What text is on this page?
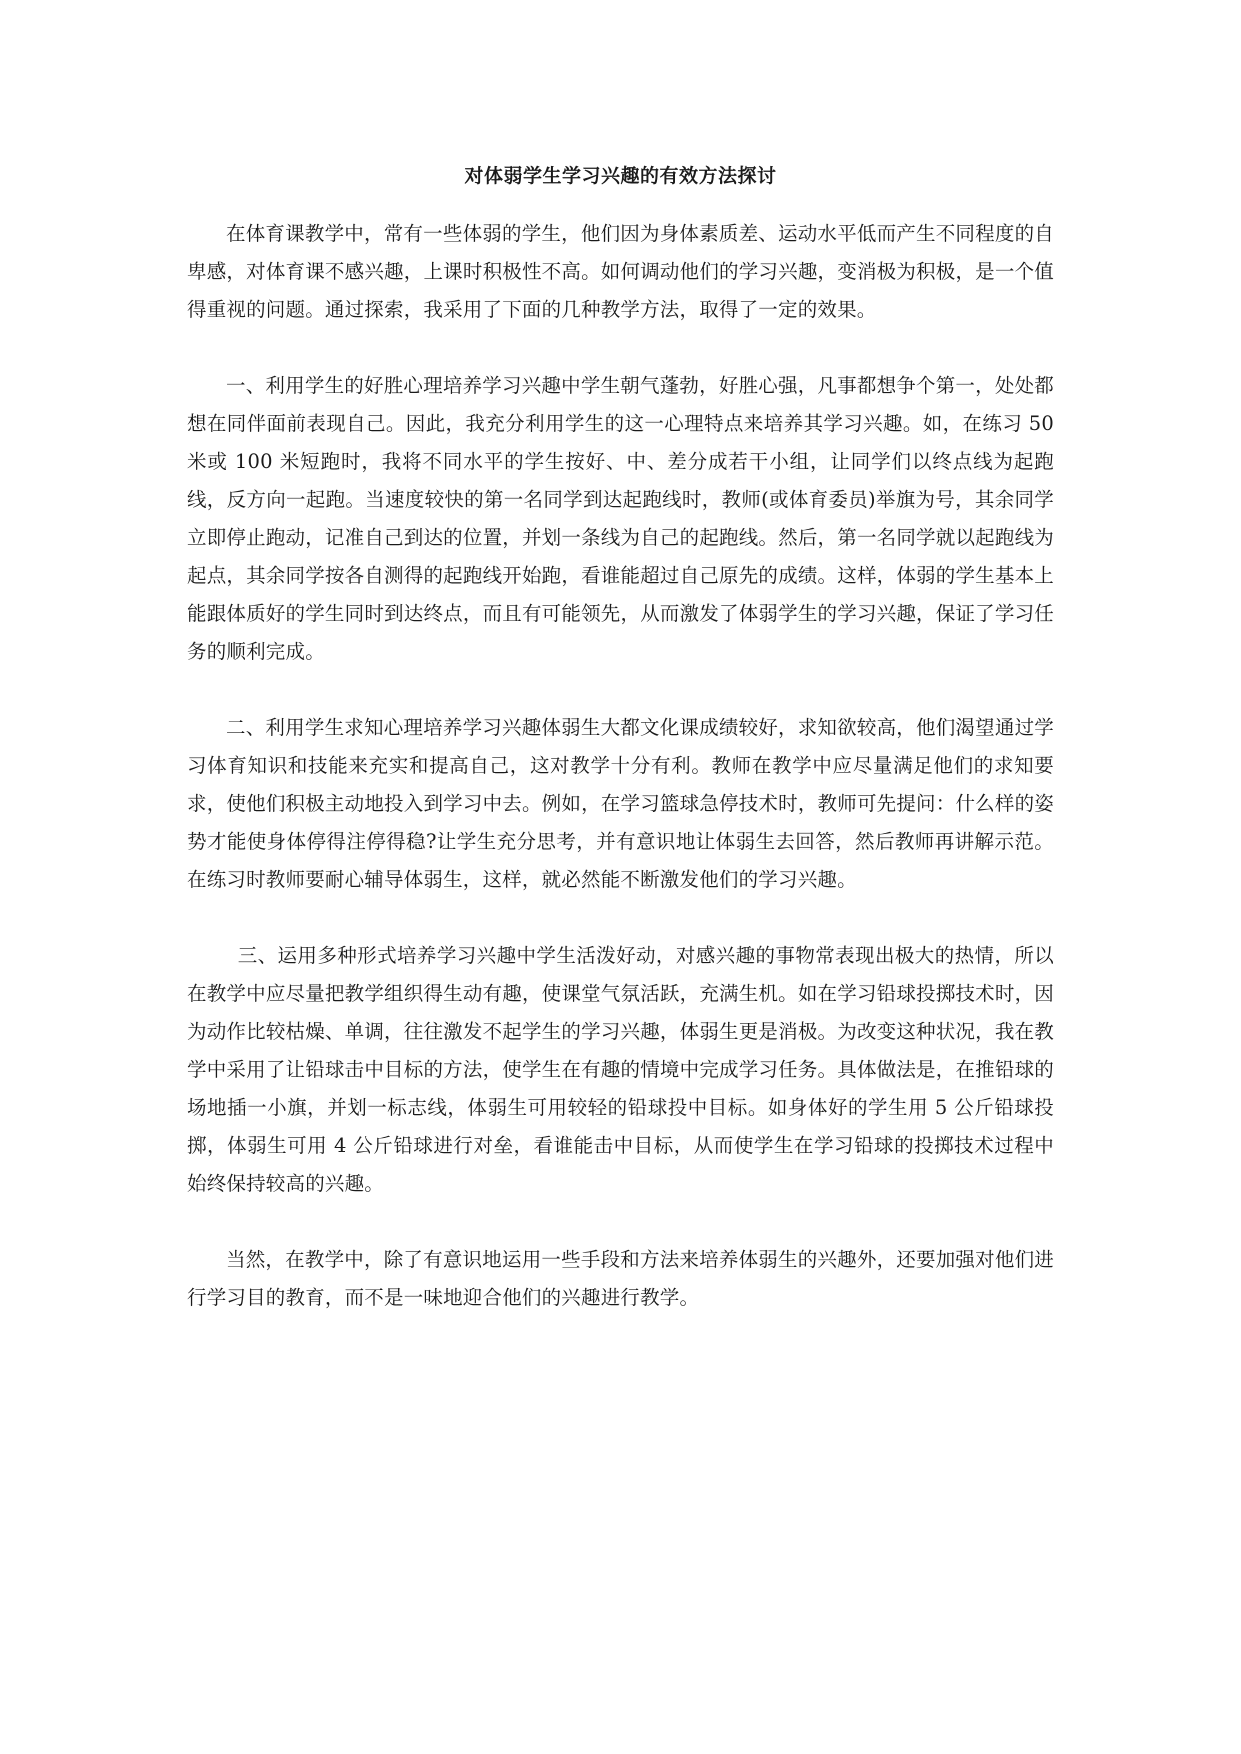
对体弱学生学习兴趣的有效方法探讨

在体育课教学中，常有一些体弱的学生，他们因为身体素质差、运动水平低而产生不同程度的自卑感，对体育课不感兴趣，上课时积极性不高。如何调动他们的学习兴趣，变消极为积极，是一个值得重视的问题。通过探索，我采用了下面的几种教学方法，取得了一定的效果。

一、利用学生的好胜心理培养学习兴趣中学生朝气蓬勃，好胜心强，凡事都想争个第一，处处都想在同伴面前表现自己。因此，我充分利用学生的这一心理特点来培养其学习兴趣。如，在练习 50 米或 100 米短跑时，我将不同水平的学生按好、中、差分成若干小组，让同学们以终点线为起跑线，反方向一起跑。当速度较快的第一名同学到达起跑线时，教师(或体育委员)举旗为号，其余同学立即停止跑动，记准自己到达的位置，并划一条线为自己的起跑线。然后，第一名同学就以起跑线为起点，其余同学按各自测得的起跑线开始跑，看谁能超过自己原先的成绩。这样，体弱的学生基本上能跟体质好的学生同时到达终点，而且有可能领先，从而激发了体弱学生的学习兴趣，保证了学习任务的顺利完成。

二、利用学生求知心理培养学习兴趣体弱生大都文化课成绩较好，求知欲较高，他们渴望通过学习体育知识和技能来充实和提高自己，这对教学十分有利。教师在教学中应尽量满足他们的求知要求，使他们积极主动地投入到学习中去。例如，在学习篮球急停技术时，教师可先提问：什么样的姿势才能使身体停得注停得稳?让学生充分思考，并有意识地让体弱生去回答，然后教师再讲解示范。在练习时教师要耐心辅导体弱生，这样，就必然能不断激发他们的学习兴趣。

三、运用多种形式培养学习兴趣中学生活泼好动，对感兴趣的事物常表现出极大的热情，所以在教学中应尽量把教学组织得生动有趣，使课堂气氛活跃，充满生机。如在学习铅球投掷技术时，因为动作比较枯燥、单调，往往激发不起学生的学习兴趣，体弱生更是消极。为改变这种状况，我在教学中采用了让铅球击中目标的方法，使学生在有趣的情境中完成学习任务。具体做法是，在推铅球的场地插一小旗，并划一标志线，体弱生可用较轻的铅球投中目标。如身体好的学生用 5 公斤铅球投掷，体弱生可用 4 公斤铅球进行对垒，看谁能击中目标，从而使学生在学习铅球的投掷技术过程中始终保持较高的兴趣。

当然，在教学中，除了有意识地运用一些手段和方法来培养体弱生的兴趣外，还要加强对他们进行学习目的教育，而不是一味地迎合他们的兴趣进行教学。
